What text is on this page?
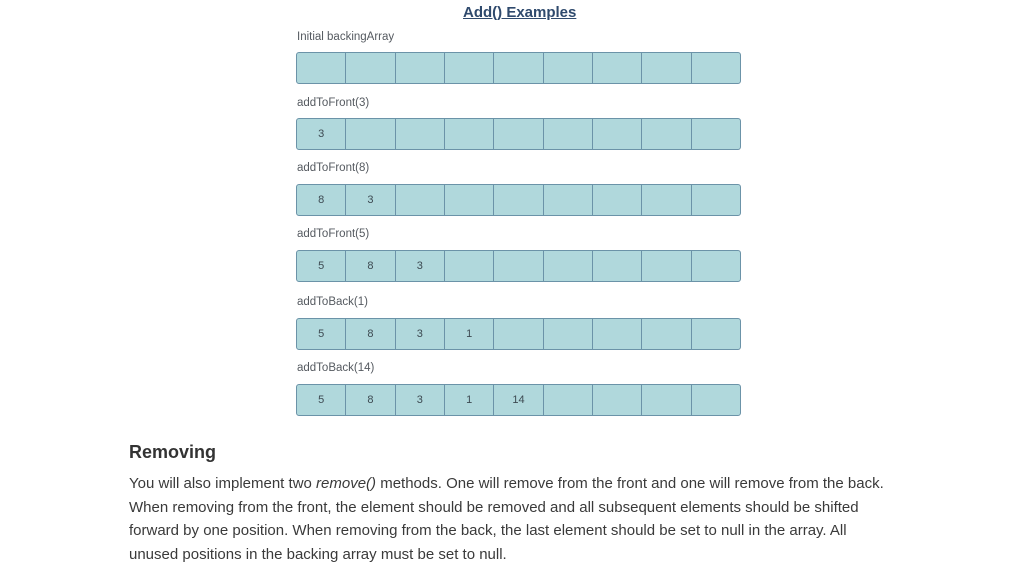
Add() Examples
Initial backingArray
addToFront(3)
3
addToFront(8)
8	3
addToFront(5)
5	8	3
addToBack(1)
5	8	3	1
addToBack(14)
5	8	3	1	14
Removing

You will also implement two remove() methods. One will remove from the front and one will remove from the back. When removing from the front, the element should be removed and all subsequent elements should be shifted forward by one position. When removing from the back, the last element should be set to null in the array. All unused positions in the backing array must be set to null.
